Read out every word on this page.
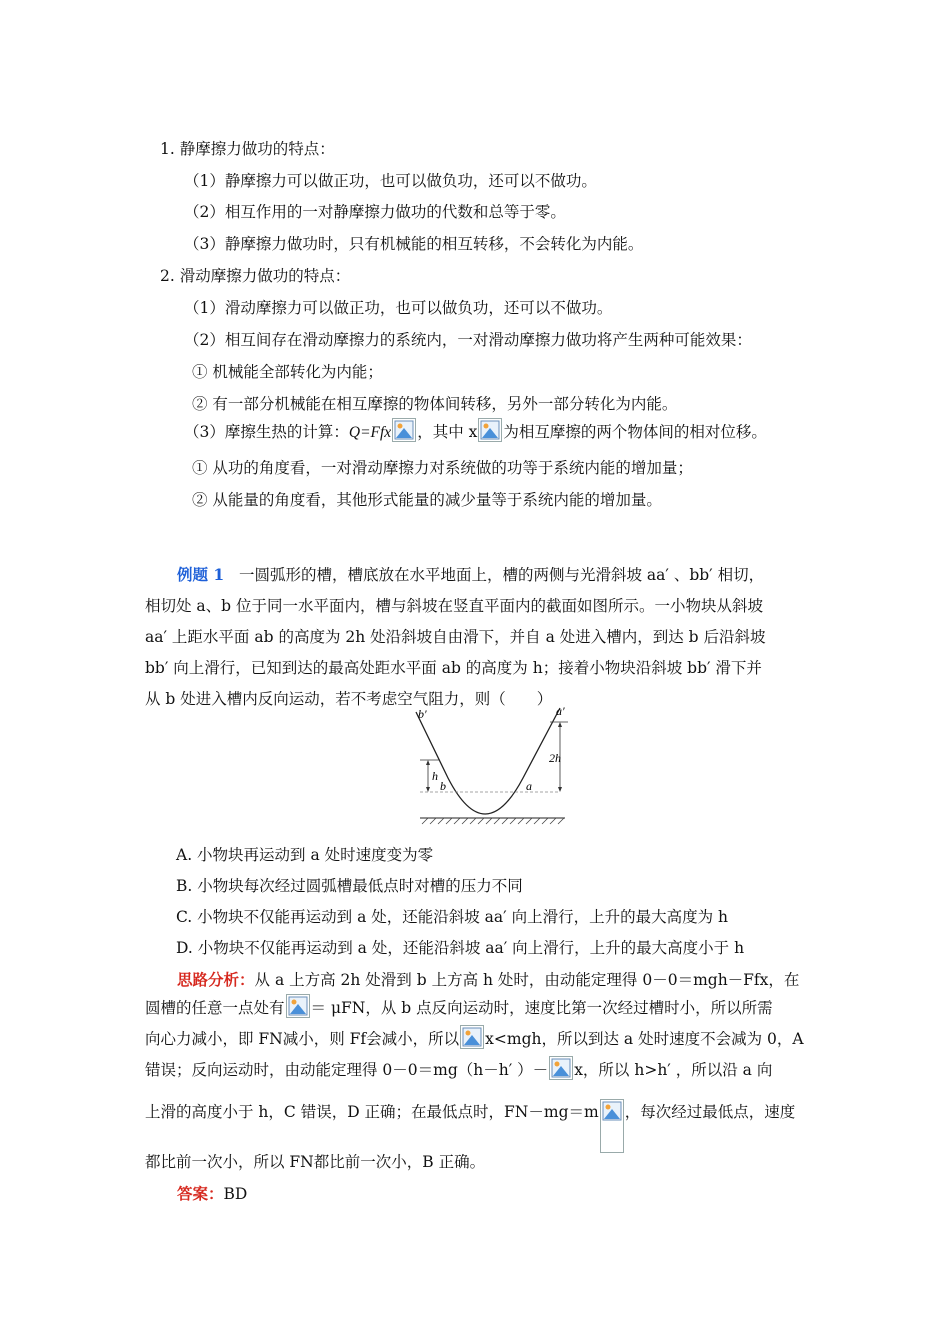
1. 静摩擦力做功的特点：
（1）静摩擦力可以做正功，也可以做负功，还可以不做功。
（2）相互作用的一对静摩擦力做功的代数和总等于零。
（3）静摩擦力做功时，只有机械能的相互转移，不会转化为内能。
2. 滑动摩擦力做功的特点：
（1）滑动摩擦力可以做正功，也可以做负功，还可以不做功。
（2）相互间存在滑动摩擦力的系统内，一对滑动摩擦力做功将产生两种可能效果：
① 机械能全部转化为内能；
② 有一部分机械能在相互摩擦的物体间转移，另外一部分转化为内能。
（3）摩擦生热的计算：Q=Ffx ，其中 x 为相互摩擦的两个物体间的相对位移。
① 从功的角度看，一对滑动摩擦力对系统做的功等于系统内能的增加量；
② 从能量的角度看，其他形式能量的减少量等于系统内能的增加量。
例题 1 一圆弧形的槽，槽底放在水平地面上，槽的两侧与光滑斜坡 aa′ 、bb′ 相切，
相切处 a、b 位于同一水平面内，槽与斜坡在竖直平面内的截面如图所示。一小物块从斜坡
aa′ 上距水平面 ab 的高度为 2h 处沿斜坡自由滑下，并自 a 处进入槽内，到达 b 后沿斜坡
bb′ 向上滑行，已知到达的最高处距水平面 ab 的高度为 h；接着小物块沿斜坡 bb′ 滑下并
从 b 处进入槽内反向运动，若不考虑空气阻力，则（　　）
b′	a′
b	a
h
2h
A. 小物块再运动到 a 处时速度变为零
B. 小物块每次经过圆弧槽最低点时对槽的压力不同
C. 小物块不仅能再运动到 a 处，还能沿斜坡 aa′ 向上滑行，上升的最大高度为 h
D. 小物块不仅能再运动到 a 处，还能沿斜坡 aa′ 向上滑行，上升的最大高度小于 h
思路分析：从 a 上方高 2h 处滑到 b 上方高 h 处时，由动能定理得 0－0＝mgh－Ffx，在
圆槽的任意一点处有 ＝ μFN，从 b 点反向运动时，速度比第一次经过槽时小，所以所需
向心力减小，即 FN减小，则 Ff会减小，所以 x<mgh，所以到达 a 处时速度不会减为 0，A
错误；反向运动时，由动能定理得 0－0＝mg（h－h′ ）－ x，所以 h>h′ ，所以沿 a 向
上滑的高度小于 h，C 错误，D 正确；在最低点时，FN－mg＝m ，每次经过最低点，速度
都比前一次小，所以 FN都比前一次小，B 正确。
答案：BD
